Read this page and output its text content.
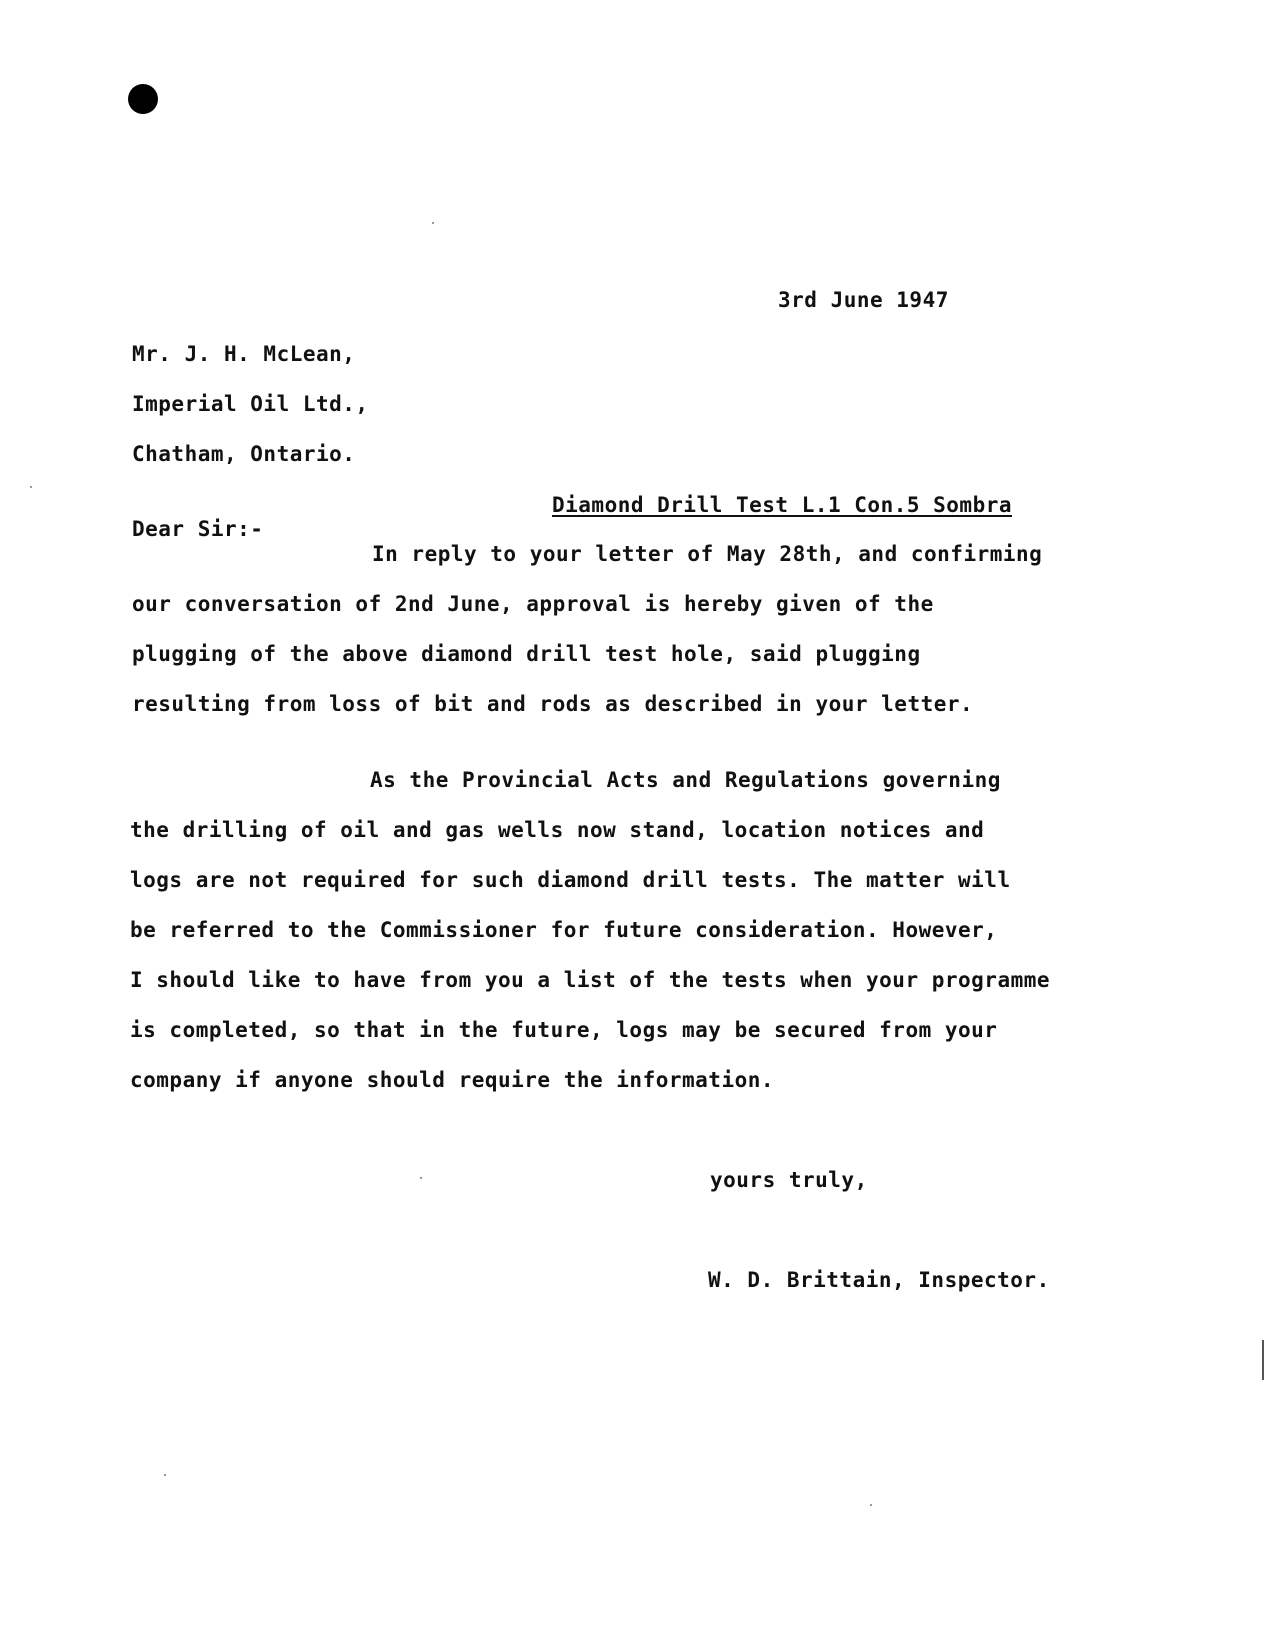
3rd June 1947
Mr. J. H. McLean,
Imperial Oil Ltd.,
Chatham, Ontario.
Diamond Drill Test L.1 Con.5 Sombra
Dear Sir:-
In reply to your letter of May 28th, and confirming
our conversation of 2nd June, approval is hereby given of the
plugging of the above diamond drill test hole, said plugging
resulting from loss of bit and rods as described in your letter.
As the Provincial Acts and Regulations governing
the drilling of oil and gas wells now stand, location notices and
logs are not required for such diamond drill tests. The matter will
be referred to the Commissioner for future consideration. However,
I should like to have from you a list of the tests when your programme
is completed, so that in the future, logs may be secured from your
company if anyone should require the information.
yours truly,
W. D. Brittain, Inspector.
